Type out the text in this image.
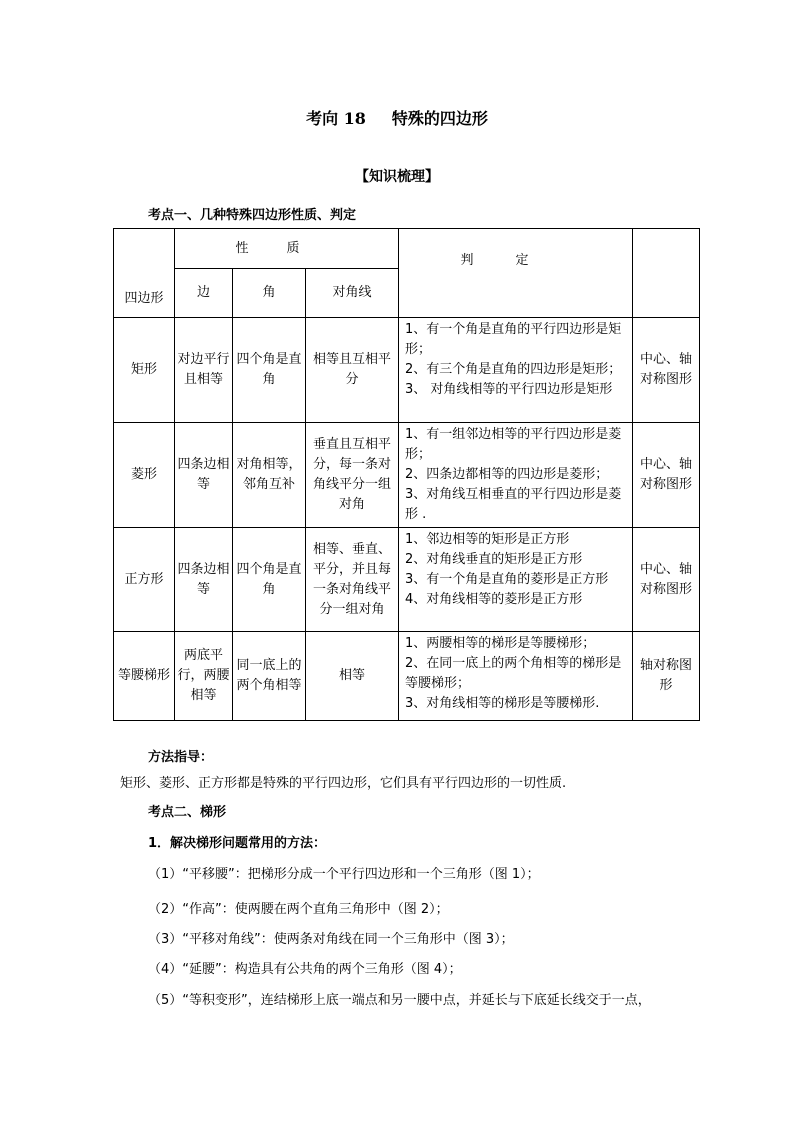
考向 18 特殊的四边形
【知识梳理】
考点一、几种特殊四边形性质、判定
四边形	性质			判定	
	边	角	对角线		
矩形	对边平行且相等	四个角是直角	相等且互相平分	1、有一个角是直角的平行四边形是矩形；
2、有三个角是直角的四边形是矩形；
3、 对角线相等的平行四边形是矩形	中心、轴对称图形
菱形	四条边相等	对角相等，邻角互补	垂直且互相平分，每一条对角线平分一组对角	1、有一组邻边相等的平行四边形是菱形；
2、四条边都相等的四边形是菱形；
3、对角线互相垂直的平行四边形是菱形 .	中心、轴对称图形
正方形	四条边相等	四个角是直角	相等、垂直、平分，并且每一条对角线平分一组对角	1、邻边相等的矩形是正方形
2、对角线垂直的矩形是正方形
3、有一个角是直角的菱形是正方形
4、对角线相等的菱形是正方形	中心、轴对称图形
等腰梯形	两底平行，两腰相等	同一底上的两个角相等	相等	1、两腰相等的梯形是等腰梯形；
2、在同一底上的两个角相等的梯形是等腰梯形；
3、对角线相等的梯形是等腰梯形.	轴对称图形
方法指导：
矩形、菱形、正方形都是特殊的平行四边形，它们具有平行四边形的一切性质.
考点二、梯形
1．解决梯形问题常用的方法：
（1）“平移腰”：把梯形分成一个平行四边形和一个三角形（图 1）；
（2）“作高”：使两腰在两个直角三角形中（图 2）；
（3）“平移对角线”：使两条对角线在同一个三角形中（图 3）；
（4）“延腰”：构造具有公共角的两个三角形（图 4）；
（5）“等积变形”，连结梯形上底一端点和另一腰中点，并延长与下底延长线交于一点，
